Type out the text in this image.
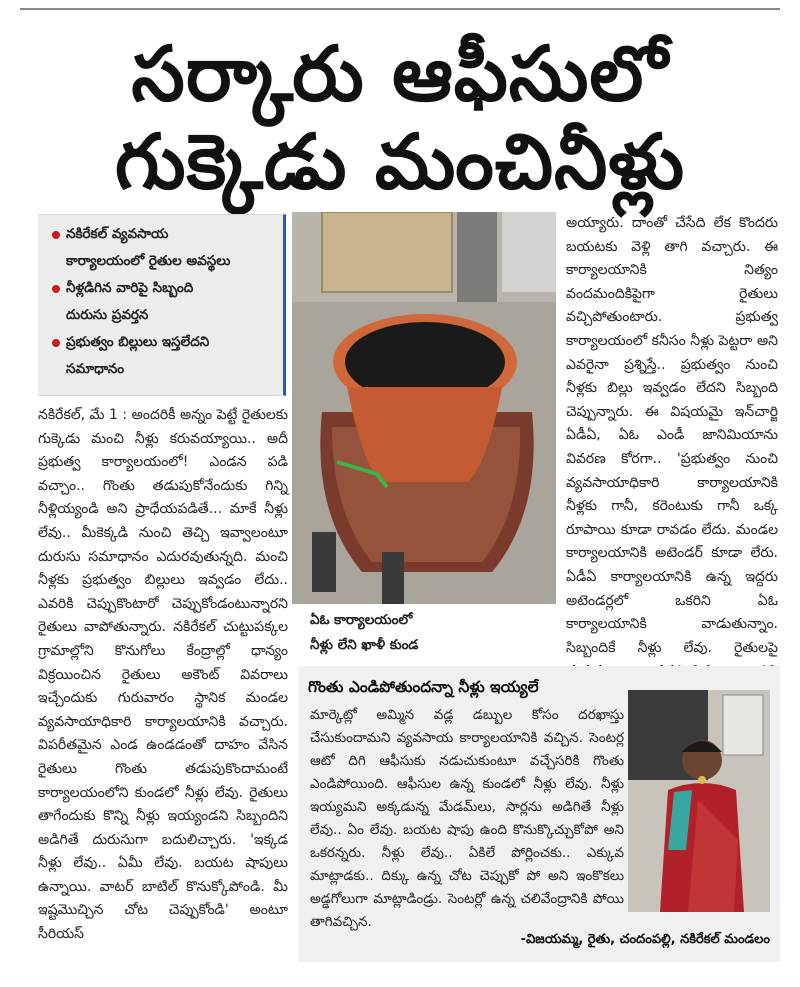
సర్కారు ఆఫీసులో
గుక్కెడు మంచినీళ్లు
నకిరేకల్ వ్యవసాయ
కార్యాలయంలో రైతుల అవస్థలు
నీళ్లడిగిన వారిపై సిబ్బంది
దురుసు ప్రవర్తన
ప్రభుత్వం బిల్లులు ఇస్తలేదని
సమాధానం

నకిరేకల్, మే 1 : అందరికీ అన్నం పెట్టే రైతులకు గుక్కెడు మంచి నీళ్లు కరువయ్యాయి.. అదీ ప్రభుత్వ కార్యాలయంలో! ఎండన పడి వచ్చాం.. గొంతు తడుపుకోనేందుకు గిన్ని నీళ్లియ్యండి అని ప్రాధేయపడితే... మాకే నీళ్లు లేవు.. మీకెక్కడి నుంచి తెచ్చి ఇవ్వాలంటూ దురుసు సమాధానం ఎదురవుతున్నది. మంచి నీళ్లకు ప్రభుత్వం బిల్లులు ఇవ్వడం లేదు.. ఎవరికి చెప్పుకొంటారో చెప్పుకోండంటున్నారని రైతులు వాపోతున్నారు. నకిరేకల్ చుట్టుపక్కల గ్రామాల్లోని కొనుగోలు కేంద్రాల్లో ధాన్యం విక్రయించిన రైతులు అకౌంట్ వివరాలు ఇచ్చేందుకు గురువారం స్థానిక మండల వ్యవసాయాధికారి కార్యాలయానికి వచ్చారు. విపరీతమైన ఎండ ఉండడంతో దాహం వేసిన రైతులు గొంతు తడుపుకొందామంటే కార్యాలయంలోని కుండలో నీళ్లు లేవు. రైతులు తాగేందుకు కొన్ని నీళ్లు ఇయ్యండని సిబ్బందిని అడిగితే దురుసుగా బదులిచ్చారు. 'ఇక్కడ నీళ్లు లేవు.. ఏమీ లేవు. బయట షాపులు ఉన్నాయి. వాటర్ బాటిల్ కొనుక్కోపోండి. మీ ఇష్టమొచ్చిన చోట చెప్పుకోండి' అంటూ సీరియస్

ఏఓ కార్యాలయంలో
నీళ్లు లేని ఖాళీ కుండ

అయ్యారు. దాంతో చేసేది లేక కొందరు బయటకు వెళ్లి తాగి వచ్చారు. ఈ కార్యాలయానికి నిత్యం వందమందికిపైగా రైతులు వచ్చిపోతుంటారు. ప్రభుత్వ కార్యాలయంలో కనీసం నీళ్లు పెట్టరా అని ఎవరైనా ప్రశ్నిస్తే.. ప్రభుత్వం నుంచి నీళ్లకు బిల్లు ఇవ్వడం లేదని సిబ్బంది చెప్పున్నారు. ఈ విషయమై ఇన్‌చార్జి ఏడీఏ, ఏఓ ఎండీ జానిమియాను వివరణ కోరగా.. 'ప్రభుత్వం నుంచి వ్యవసాయాధికారి కార్యాలయానికి నీళ్లకు గానీ, కరెంటుకు గానీ ఒక్క రూపాయి కూడా రావడం లేదు. మండల కార్యాలయానికి అటెండర్ కూడా లేరు. ఏడీఏ కార్యాలయానికి ఉన్న ఇద్దరు అటెండర్లలో ఒకరిని ఏఓ కార్యాలయానికి వాడుతున్నాం. సిబ్బందికే నీళ్లు లేవు. రైతులపై

గొంతు ఎండిపోతుందన్నా నీళ్లు ఇయ్యలే

మార్కెట్లో అమ్మిన వడ్ల డబ్బుల కోసం దరఖాస్తు చేసుకుందామని వ్యవసాయ కార్యాలయానికి వచ్చిన. సెంటర్ల ఆటో దిగి ఆఫీసుకు నడుచుకుంటూ వచ్చేసరికి గొంతు ఎండిపోయింది. ఆఫీసుల ఉన్న కుండలో నీళ్లు లేవు. నీళ్లు ఇయ్యమని అక్కడున్న మేడమ్‌లు, సార్లను అడిగితే నీళ్లు లేవు.. ఏం లేవు. బయట షాపు ఉంది కొనుక్కొచ్చుకోపో అని ఒకరన్నరు. నీళ్లు లేవు.. ఏకిలే పోర్లించకు.. ఎక్కువ మాట్లాడకు.. దిక్కు ఉన్న చోట చెప్పుకో పో అని ఇంకొకలు అడ్డగోలుగా మాట్లాడిండ్రు. సెంటర్లో ఉన్న చలివేంద్రానికి పోయి తాగివచ్చిన.

-విజయమ్మ, రైతు, చందంపల్లి, నకిరేకల్ మండలం
